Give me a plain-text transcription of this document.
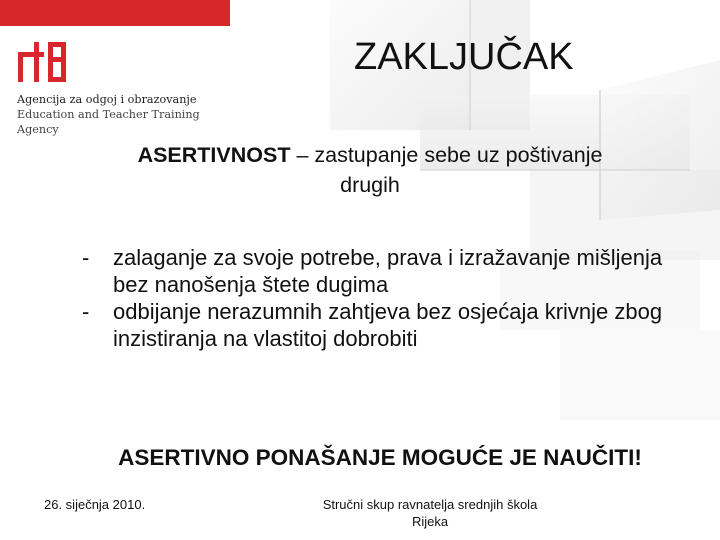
Agencija za odgoj i obrazovanje
Education and Teacher Training Agency
ZAKLJUČAK
ASERTIVNOST – zastupanje sebe uz poštivanje drugih
-	zalaganje za svoje potrebe, prava i izražavanje mišljenja bez nanošenja štete dugima
-	odbijanje nerazumnih zahtjeva bez osjećaja krivnje zbog inzistiranja na vlastitoj dobrobiti
ASERTIVNO PONAŠANJE MOGUĆE JE NAUČITI!
26. siječnja 2010.	Stručni skup ravnatelja srednjih škola
Rijeka
